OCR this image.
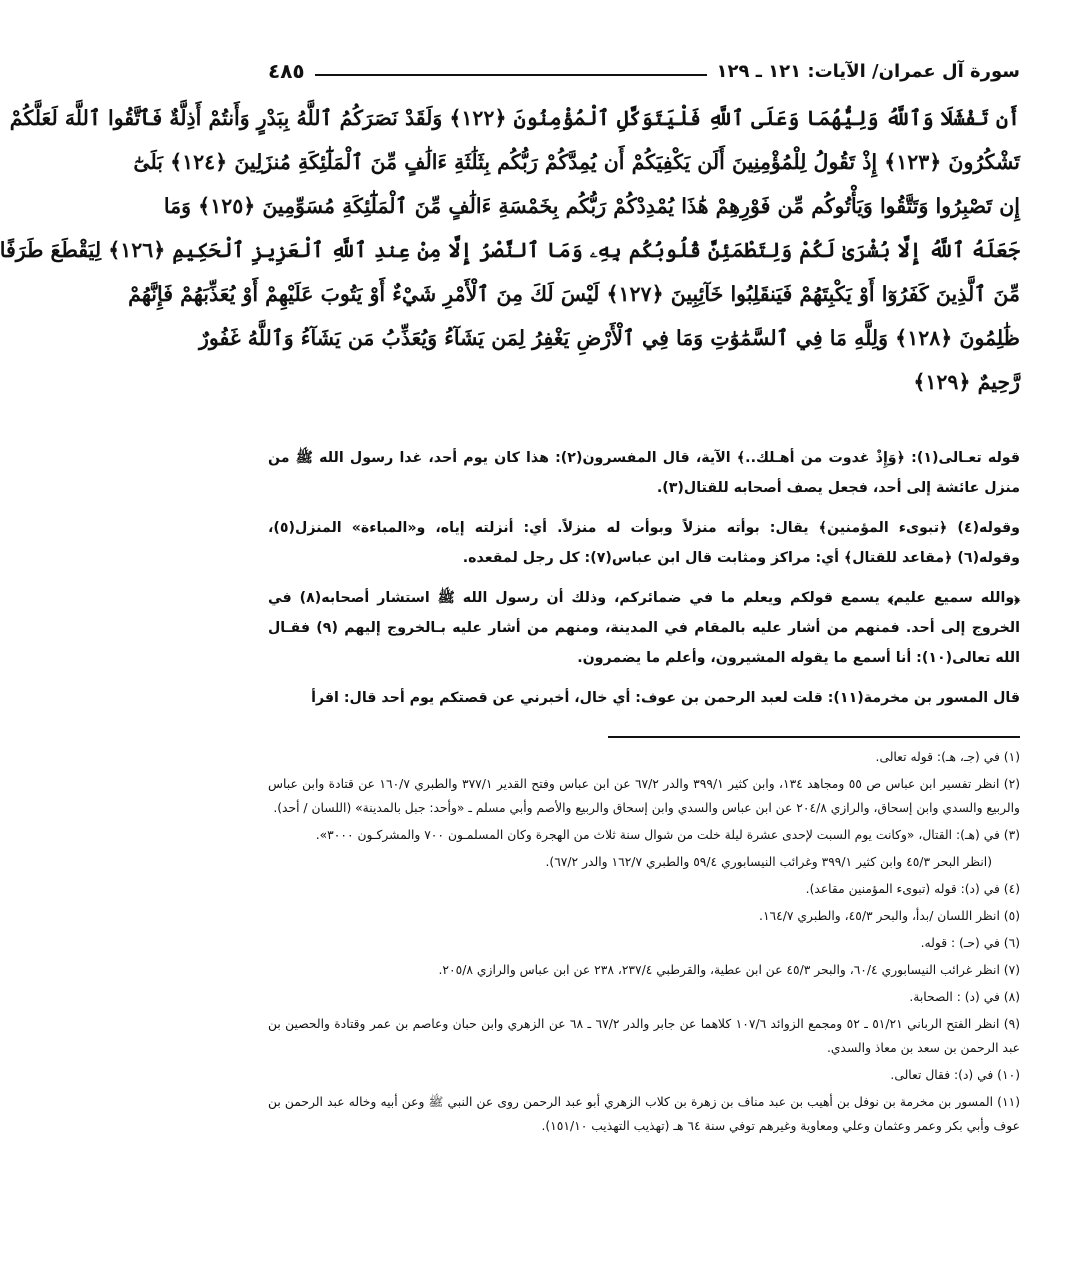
سورة آل عمران/ الآيات: ١٢١ ـ ١٢٩
٤٨٥
أَن تَفْشَلَا وَٱللَّهُ وَلِيُّهُمَا وَعَلَى ٱللَّهِ فَلْيَتَوَكَّلِ ٱلْمُؤْمِنُونَ ﴿١٢٢﴾ وَلَقَدْ نَصَرَكُمُ ٱللَّهُ بِبَدْرٍ وَأَنتُمْ أَذِلَّةٌ فَٱتَّقُوا ٱللَّهَ لَعَلَّكُمْ
تَشْكُرُونَ ﴿١٢٣﴾ إِذْ تَقُولُ لِلْمُؤْمِنِينَ أَلَن يَكْفِيَكُمْ أَن يُمِدَّكُمْ رَبُّكُم بِثَلَٰثَةِ ءَالَٰفٍ مِّنَ ٱلْمَلَٰٓئِكَةِ مُنزَلِينَ ﴿١٢٤﴾ بَلَىٰٓ
إِن تَصْبِرُوا وَتَتَّقُوا وَيَأْتُوكُم مِّن فَوْرِهِمْ هَٰذَا يُمْدِدْكُمْ رَبُّكُم بِخَمْسَةِ ءَالَٰفٍ مِّنَ ٱلْمَلَٰٓئِكَةِ مُسَوِّمِينَ ﴿١٢٥﴾ وَمَا
جَعَلَهُ ٱللَّهُ إِلَّا بُشْرَىٰ لَكُمْ وَلِتَطْمَئِنَّ قُلُوبُكُم بِهِۦ وَمَا ٱلنَّصْرُ إِلَّا مِنْ عِندِ ٱللَّهِ ٱلْعَزِيزِ ٱلْحَكِيمِ ﴿١٢٦﴾ لِيَقْطَعَ طَرَفًا
مِّنَ ٱلَّذِينَ كَفَرُوٓا أَوْ يَكْبِتَهُمْ فَيَنقَلِبُوا خَآئِبِينَ ﴿١٢٧﴾ لَيْسَ لَكَ مِنَ ٱلْأَمْرِ شَيْءٌ أَوْ يَتُوبَ عَلَيْهِمْ أَوْ يُعَذِّبَهُمْ فَإِنَّهُمْ
ظَٰلِمُونَ ﴿١٢٨﴾ وَلِلَّهِ مَا فِي ٱلسَّمَٰوَٰتِ وَمَا فِي ٱلْأَرْضِ يَغْفِرُ لِمَن يَشَآءُ وَيُعَذِّبُ مَن يَشَآءُ وَٱللَّهُ غَفُورٌ
رَّحِيمٌ ﴿١٢٩﴾

قوله تعـالى(١): ﴿وَإِذْ غدوت من أهـلك..﴾ الآية، قال المفسرون(٢): هذا كان يوم أحد، غدا رسول الله ﷺ من منزل عائشة إلى أحد، فجعل يصف أصحابه للقتال(٣).

وقوله(٤) ﴿تبوىء المؤمنين﴾ يقال: بوأته منزلاً وبوأت له منزلاً. أي: أنزلته إياه، و«المباءة» المنزل(٥)، وقوله(٦) ﴿مقاعد للقتال﴾ أي: مراكز ومثابت قال ابن عباس(٧): كل رجل لمقعده.

﴿والله سميع عليم﴾ يسمع قولكم ويعلم ما في ضمائركم، وذلك أن رسول الله ﷺ استشار أصحابه(٨) في الخروج إلى أحد. فمنهم من أشار عليه بالمقام في المدينة، ومنهم من أشار عليه بـالخروج إليهم (٩) فقـال الله تعالى(١٠): أنا أسمع ما يقوله المشيرون، وأعلم ما يضمرون.

قال المسور بن مخرمة(١١): قلت لعبد الرحمن بن عوف: أي خال، أخبرني عن قصتكم يوم أحد قال: اقرأ

(١) في (جـ، هـ): قوله تعالى.

(٢) انظر تفسير ابن عباس ص ٥٥ ومجاهد ١٣٤، وابن كثير ٣٩٩/١ والدر ٦٧/٢ عن ابن عباس وفتح القدير ٣٧٧/١ والطبري ١٦٠/٧ عن قتادة وابن عباس والربيع والسدي وابن إسحاق، والرازي ٢٠٤/٨ عن ابن عباس والسدي وابن إسحاق والربيع والأصم وأبي مسلم ـ «وأحد: جبل بالمدينة» (اللسان / أحد).

(٣) في (هـ): القتال، «وكانت يوم السبت لإحدى عشرة ليلة خلت من شوال سنة ثلاث من الهجرة وكان المسلمـون ٧٠٠ والمشركـون ٣٠٠٠».

(انظر البحر ٤٥/٣ وابن كثير ٣٩٩/١ وغرائب النيسابوري ٥٩/٤ والطبري ١٦٢/٧ والدر ٦٧/٢).

(٤) في (د): قوله (تبوىء المؤمنين مقاعد).

(٥) انظر اللسان /بدأ، والبحر ٤٥/٣، والطبري ١٦٤/٧.

(٦) في (حـ) : قوله.

(٧) انظر غرائب النيسابوري ٦٠/٤، والبحر ٤٥/٣ عن ابن عطية، والقرطبي ٢٣٧/٤، ٢٣٨ عن ابن عباس والرازي ٢٠٥/٨.

(٨) في (د) : الصحابة.

(٩) انظر الفتح الرباني ٥١/٢١ ـ ٥٢ ومجمع الزوائد ١٠٧/٦ كلاهما عن جابر والدر ٦٧/٢ ـ ٦٨ عن الزهري وابن حبان وعاصم بن عمر وقتادة والحصين بن عبد الرحمن بن سعد بن معاذ والسدي.

(١٠) في (د): فقال تعالى.

(١١) المسور بن مخرمة بن نوفل بن أهيب بن عبد مناف بن زهرة بن كلاب الزهري أبو عبد الرحمن روى عن النبي ﷺ وعن أبيه وخاله عبد الرحمن بن عوف وأبي بكر وعمر وعثمان وعلي ومعاوية وغيرهم توفي سنة ٦٤ هـ (تهذيب التهذيب ١٥١/١٠).
